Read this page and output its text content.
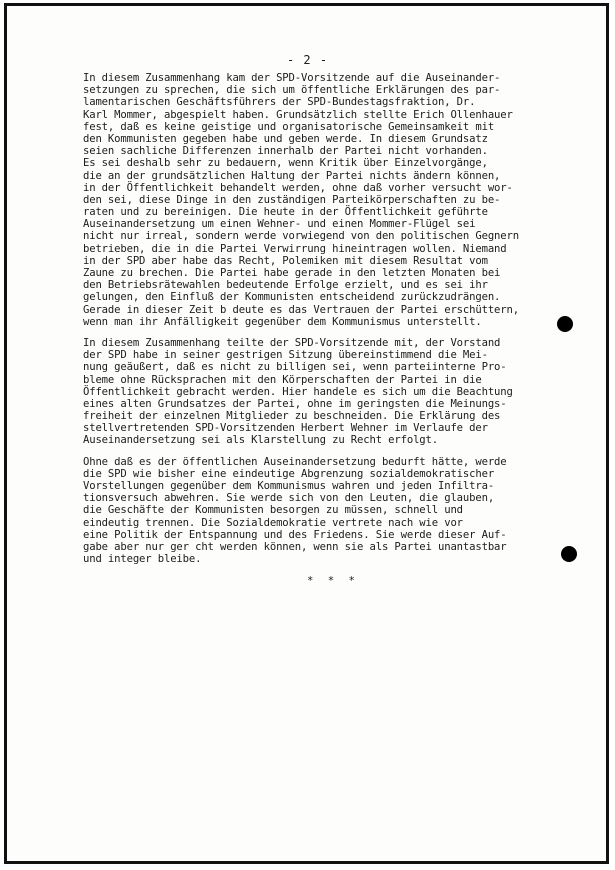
- 2 -
In diesem Zusammenhang kam der SPD-Vorsitzende auf die Auseinander-
setzungen zu sprechen, die sich um öffentliche Erklärungen des par-
lamentarischen Geschäftsführers der SPD-Bundestagsfraktion, Dr.
Karl Mommer, abgespielt haben. Grundsätzlich stellte Erich Ollenhauer
fest, daß es keine geistige und organisatorische Gemeinsamkeit mit
den Kommunisten gegeben habe und geben werde. In diesem Grundsatz
seien sachliche Differenzen innerhalb der Partei nicht vorhanden.
Es sei deshalb sehr zu bedauern, wenn Kritik über Einzelvorgänge,
die an der grundsätzlichen Haltung der Partei nichts ändern können,
in der Öffentlichkeit behandelt werden, ohne daß vorher versucht wor-
den sei, diese Dinge in den zuständigen Parteikörperschaften zu be-
raten und zu bereinigen. Die heute in der Öffentlichkeit geführte
Auseinandersetzung um einen Wehner- und einen Mommer-Flügel sei
nicht nur irreal, sondern werde vorwiegend von den politischen Gegnern
betrieben, die in die Partei Verwirrung hineintragen wollen. Niemand
in der SPD aber habe das Recht, Polemiken mit diesem Resultat vom
Zaune zu brechen. Die Partei habe gerade in den letzten Monaten bei
den Betriebsrätewahlen bedeutende Erfolge erzielt, und es sei ihr
gelungen, den Einfluß der Kommunisten entscheidend zurückzudrängen.
Gerade in dieser Zeit b deute es das Vertrauen der Partei erschüttern,
wenn man ihr Anfälligkeit gegenüber dem Kommunismus unterstellt.
In diesem Zusammenhang teilte der SPD-Vorsitzende mit, der Vorstand
der SPD habe in seiner gestrigen Sitzung übereinstimmend die Mei-
nung geäußert, daß es nicht zu billigen sei, wenn parteiinterne Pro-
bleme ohne Rücksprachen mit den Körperschaften der Partei in die
Öffentlichkeit gebracht werden. Hier handele es sich um die Beachtung
eines alten Grundsatzes der Partei, ohne im geringsten die Meinungs-
freiheit der einzelnen Mitglieder zu beschneiden. Die Erklärung des
stellvertretenden SPD-Vorsitzenden Herbert Wehner im Verlaufe der
Auseinandersetzung sei als Klarstellung zu Recht erfolgt.
Ohne daß es der öffentlichen Auseinandersetzung bedurft hätte, werde
die SPD wie bisher eine eindeutige Abgrenzung sozialdemokratischer
Vorstellungen gegenüber dem Kommunismus wahren und jeden Infiltra-
tionsversuch abwehren. Sie werde sich von den Leuten, die glauben,
die Geschäfte der Kommunisten besorgen zu müssen, schnell und
eindeutig trennen. Die Sozialdemokratie vertrete nach wie vor
eine Politik der Entspannung und des Friedens. Sie werde dieser Auf-
gabe aber nur ger cht werden können, wenn sie als Partei unantastbar
und integer bleibe.
* * *
